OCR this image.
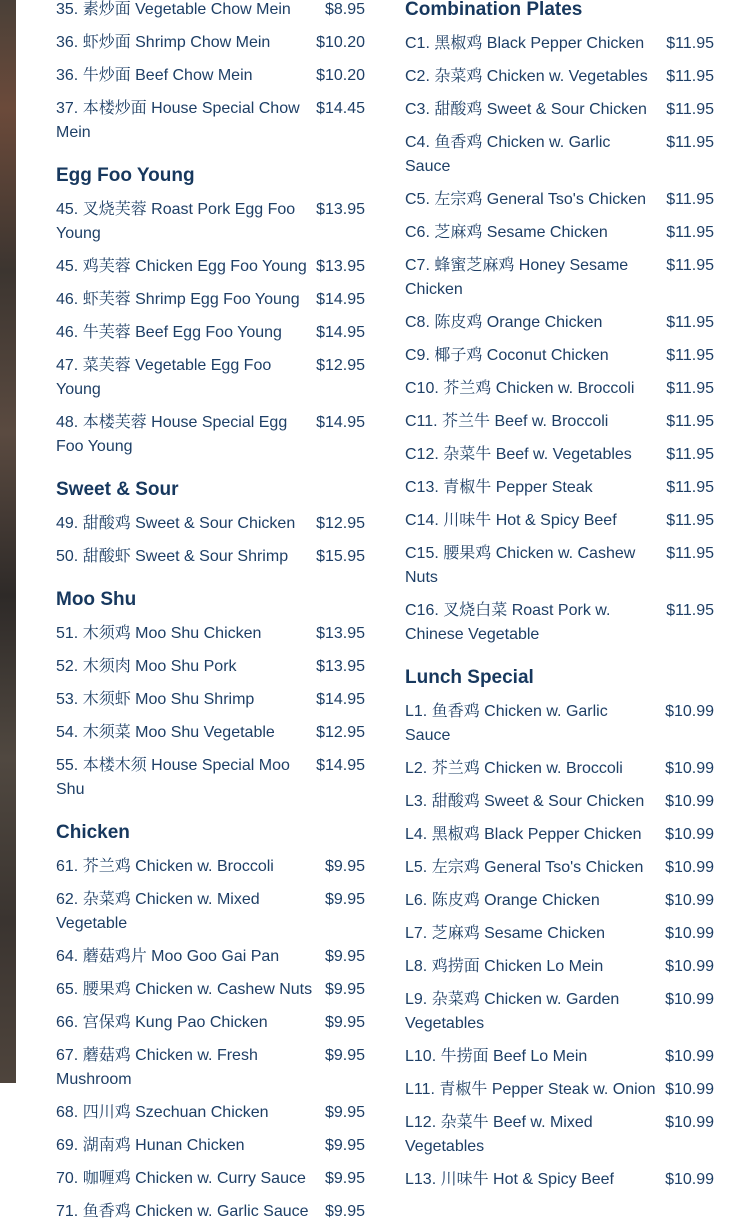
35. 素炒面 Vegetable Chow Mein	$8.95
36. 虾炒面 Shrimp Chow Mein	$10.20
36. 牛炒面 Beef Chow Mein	$10.20
37. 本楼炒面 House Special Chow Mein
$14.45
Egg Foo Young
45. 叉烧芙蓉 Roast Pork Egg Foo Young
$13.95
45. 鸡芙蓉 Chicken Egg Foo Young $13.95
46. 虾芙蓉 Shrimp Egg Foo Young	$14.95
46. 牛芙蓉 Beef Egg Foo Young	$14.95
47. 菜芙蓉 Vegetable Egg Foo Young
$12.95
48. 本楼芙蓉 House Special Egg Foo Young
$14.95
Sweet & Sour
49. 甜酸鸡 Sweet & Sour Chicken	$12.95
50. 甜酸虾 Sweet & Sour Shrimp	$15.95
Moo Shu
51. 木须鸡 Moo Shu Chicken	$13.95
52. 木须肉 Moo Shu Pork	$13.95
53. 木须虾 Moo Shu Shrimp	$14.95
54. 木须菜 Moo Shu Vegetable	$12.95
55. 本楼木须 House Special Moo Shu
$14.95
Chicken
61. 芥兰鸡 Chicken w. Broccoli	$9.95
62. 杂菜鸡 Chicken w. Mixed Vegetable
$9.95
64. 蘑菇鸡片 Moo Goo Gai Pan	$9.95
65. 腰果鸡 Chicken w. Cashew Nuts $9.95
66. 宫保鸡 Kung Pao Chicken	$9.95
67. 蘑菇鸡 Chicken w. Fresh Mushroom
$9.95
68. 四川鸡 Szechuan Chicken	$9.95
69. 湖南鸡 Hunan Chicken	$9.95
70. 咖喱鸡 Chicken w. Curry Sauce	$9.95
71. 鱼香鸡 Chicken w. Garlic Sauce	$9.95
Combination Plates
C1. 黑椒鸡 Black Pepper Chicken	$11.95
C2. 杂菜鸡 Chicken w. Vegetables	$11.95
C3. 甜酸鸡 Sweet & Sour Chicken	$11.95
C4. 鱼香鸡 Chicken w. Garlic Sauce
$11.95
C5. 左宗鸡 General Tso's Chicken	$11.95
C6. 芝麻鸡 Sesame Chicken	$11.95
C7. 蜂蜜芝麻鸡 Honey Sesame Chicken
$11.95
C8. 陈皮鸡 Orange Chicken	$11.95
C9. 椰子鸡 Coconut Chicken	$11.95
C10. 芥兰鸡 Chicken w. Broccoli	$11.95
C11. 芥兰牛 Beef w. Broccoli	$11.95
C12. 杂菜牛 Beef w. Vegetables	$11.95
C13. 青椒牛 Pepper Steak	$11.95
C14. 川味牛 Hot & Spicy Beef	$11.95
C15. 腰果鸡 Chicken w. Cashew Nuts
$11.95
C16. 叉烧白菜 Roast Pork w. Chinese Vegetable
$11.95
Lunch Special
L1. 鱼香鸡 Chicken w. Garlic Sauce
$10.99
L2. 芥兰鸡 Chicken w. Broccoli	$10.99
L3. 甜酸鸡 Sweet & Sour Chicken	$10.99
L4. 黑椒鸡 Black Pepper Chicken	$10.99
L5. 左宗鸡 General Tso's Chicken	$10.99
L6. 陈皮鸡 Orange Chicken	$10.99
L7. 芝麻鸡 Sesame Chicken	$10.99
L8. 鸡捞面 Chicken Lo Mein	$10.99
L9. 杂菜鸡 Chicken w. Garden Vegetables
$10.99
L10. 牛捞面 Beef Lo Mein	$10.99
L11. 青椒牛 Pepper Steak w. Onion $10.99
L12. 杂菜牛 Beef w. Mixed Vegetables
$10.99
L13. 川味牛 Hot & Spicy Beef	$10.99
